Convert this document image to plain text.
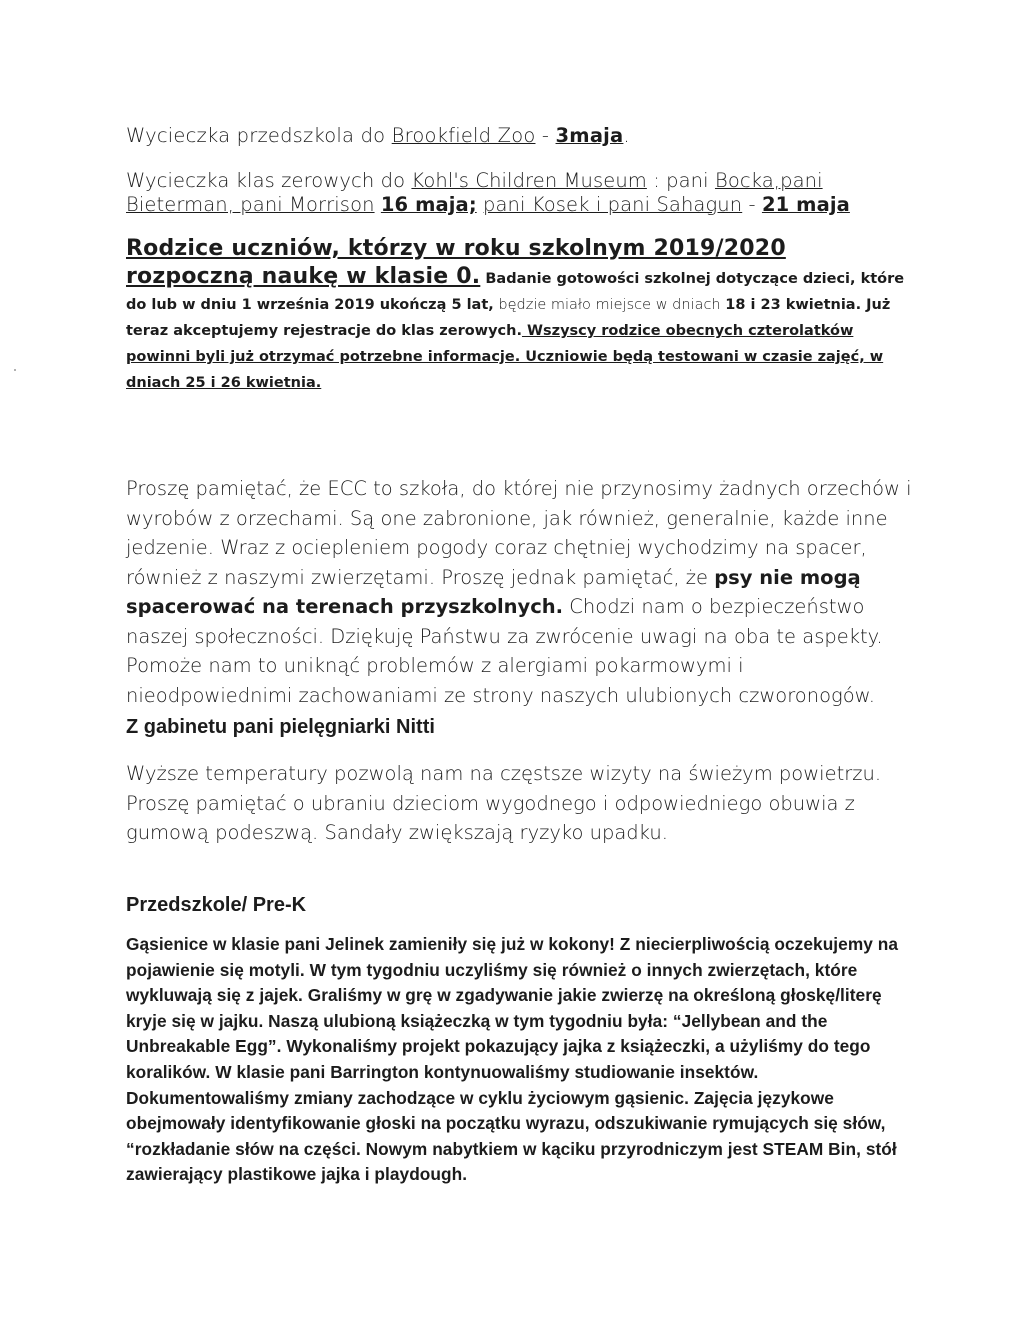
Wycieczka przedszkola do Brookfield Zoo - 3maja.

Wycieczka klas zerowych do Kohl's Children Museum : pani Bocka,pani
Bieterman, pani Morrison 16 maja; pani Kosek i pani Sahagun - 21 maja

Rodzice uczniów, którzy w roku szkolnym 2019/2020 rozpoczną naukę w klasie 0. Badanie gotowości szkolnej dotyczące dzieci, które do lub w dniu 1 września 2019 ukończą 5 lat, będzie miało miejsce w dniach 18 i 23 kwietnia. Już teraz akceptujemy rejestracje do klas zerowych. Wszyscy rodzice obecnych czterolatków powinni byli już otrzymać potrzebne informacje. Uczniowie będą testowani w czasie zajęć, w dniach 25 i 26 kwietnia.

Proszę pamiętać, że ECC to szkoła, do której nie przynosimy żadnych orzechów i wyrobów z orzechami. Są one zabronione, jak również, generalnie, każde inne jedzenie. Wraz z ociepleniem pogody coraz chętniej wychodzimy na spacer, również z naszymi zwierzętami. Proszę jednak pamiętać, że psy nie mogą spacerować na terenach przyszkolnych. Chodzi nam o bezpieczeństwo naszej społeczności. Dziękuję Państwu za zwrócenie uwagi na oba te aspekty. Pomoże nam to uniknąć problemów z alergiami pokarmowymi i nieodpowiednimi zachowaniami ze strony naszych ulubionych czworonogów.

Z gabinetu pani pielęgniarki Nitti

Wyższe temperatury pozwolą nam na częstsze wizyty na świeżym powietrzu. Proszę pamiętać o ubraniu dzieciom wygodnego i odpowiedniego obuwia z gumową podeszwą. Sandały zwiększają ryzyko upadku.

Przedszkole/ Pre-K

Gąsienice w klasie pani Jelinek zamieniły się już w kokony! Z niecierpliwością oczekujemy na pojawienie się motyli. W tym tygodniu uczyliśmy się również o innych zwierzętach, które wykluwają się z jajek. Graliśmy w grę w zgadywanie jakie zwierzę na określoną głoskę/literę kryje się w jajku. Naszą ulubioną książeczką w tym tygodniu była: “Jellybean and the Unbreakable Egg”. Wykonaliśmy projekt pokazujący jajka z książeczki, a użyliśmy do tego koralików. W klasie pani Barrington kontynuowaliśmy studiowanie insektów. Dokumentowaliśmy zmiany zachodzące w cyklu życiowym gąsienic. Zajęcia językowe obejmowały identyfikowanie głoski na początku wyrazu, odszukiwanie rymujących się słów, “rozkładanie słów na części. Nowym nabytkiem w kąciku przyrodniczym jest STEAM Bin, stół zawierający plastikowe jajka i playdough.
